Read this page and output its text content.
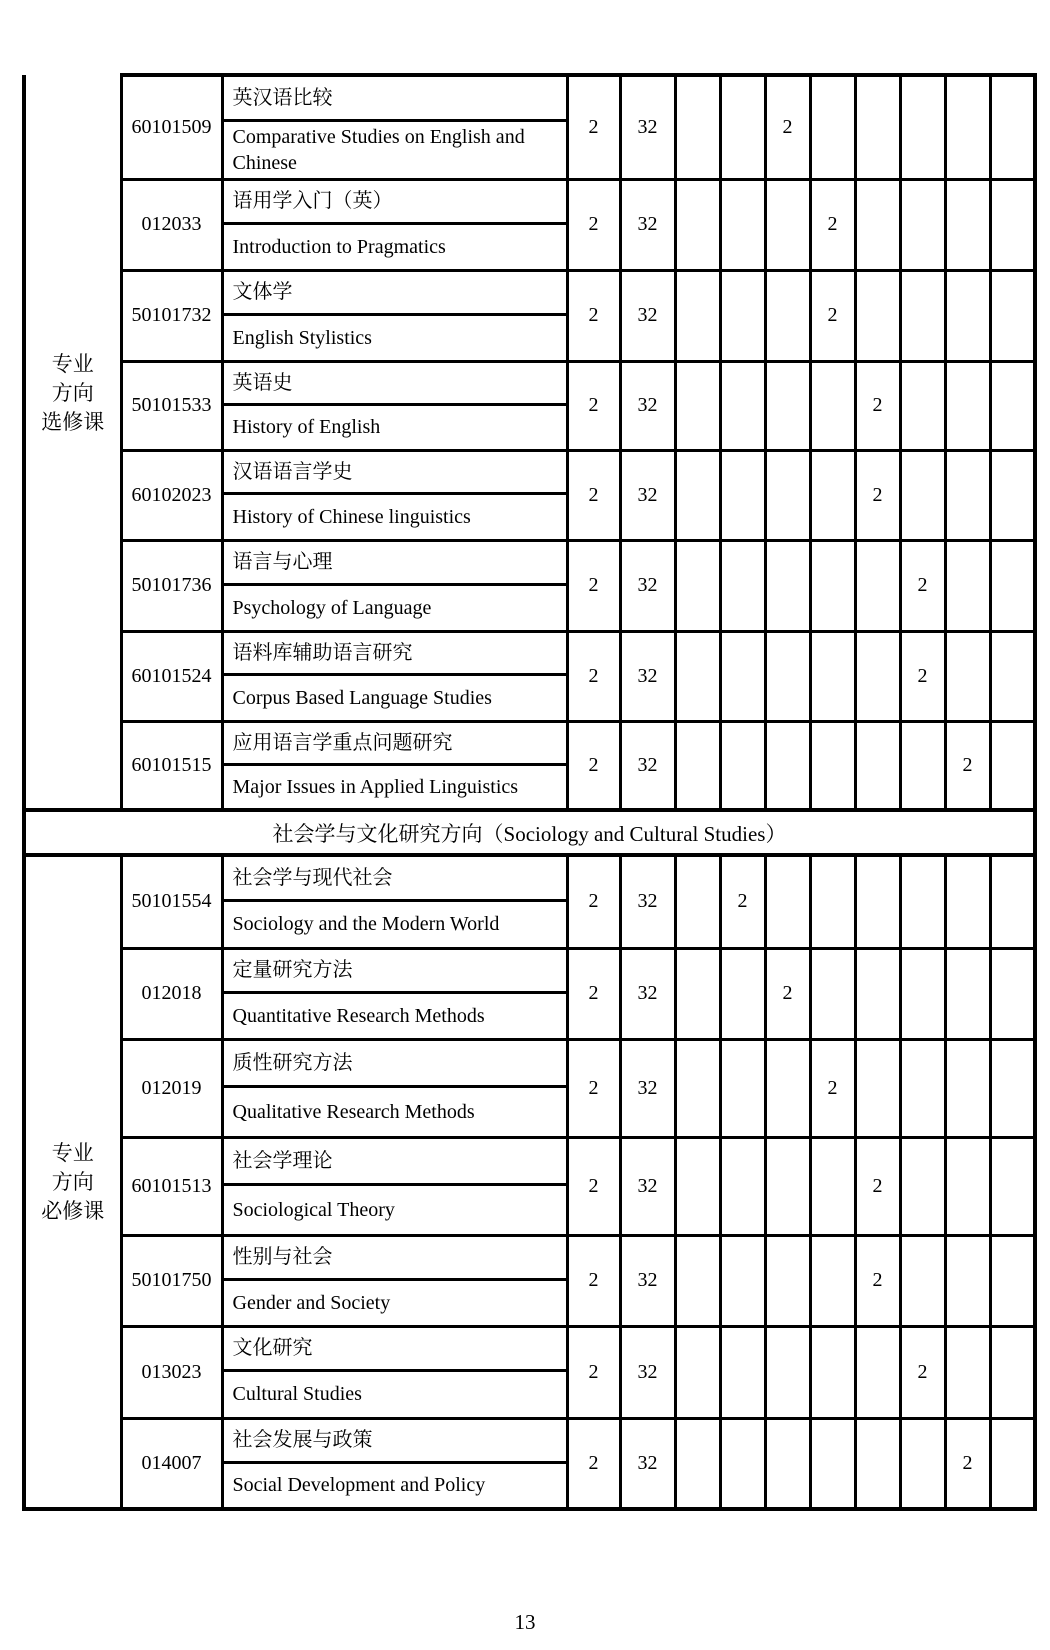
专业
方向
选修课	60101509	英汉语比较	2	32			2					
		Comparative Studies on English and Chinese										
	012033	语用学入门（英）	2	32				2				
		Introduction to Pragmatics										
	50101732	文体学	2	32				2				
		English Stylistics										
	50101533	英语史	2	32					2			
		History of English										
	60102023	汉语语言学史	2	32					2			
		History of Chinese linguistics										
	50101736	语言与心理	2	32						2		
		Psychology of Language										
	60101524	语料库辅助语言研究	2	32						2		
		Corpus Based Language Studies										
	60101515	应用语言学重点问题研究	2	32							2	
		Major Issues in Applied Linguistics										
社会学与文化研究方向（Sociology and Cultural Studies）												

专业
方向
必修课	50101554	社会学与现代社会	2	32		2						
		Sociology and the Modern World										
	012018	定量研究方法	2	32			2					
		Quantitative Research Methods										
	012019	质性研究方法	2	32				2				
		Qualitative Research Methods										
	60101513	社会学理论	2	32					2			
		Sociological Theory										
	50101750	性别与社会	2	32					2			
		Gender and Society										
	013023	文化研究	2	32						2		
		Cultural Studies										
	014007	社会发展与政策	2	32							2	
		Social Development and Policy										
13
